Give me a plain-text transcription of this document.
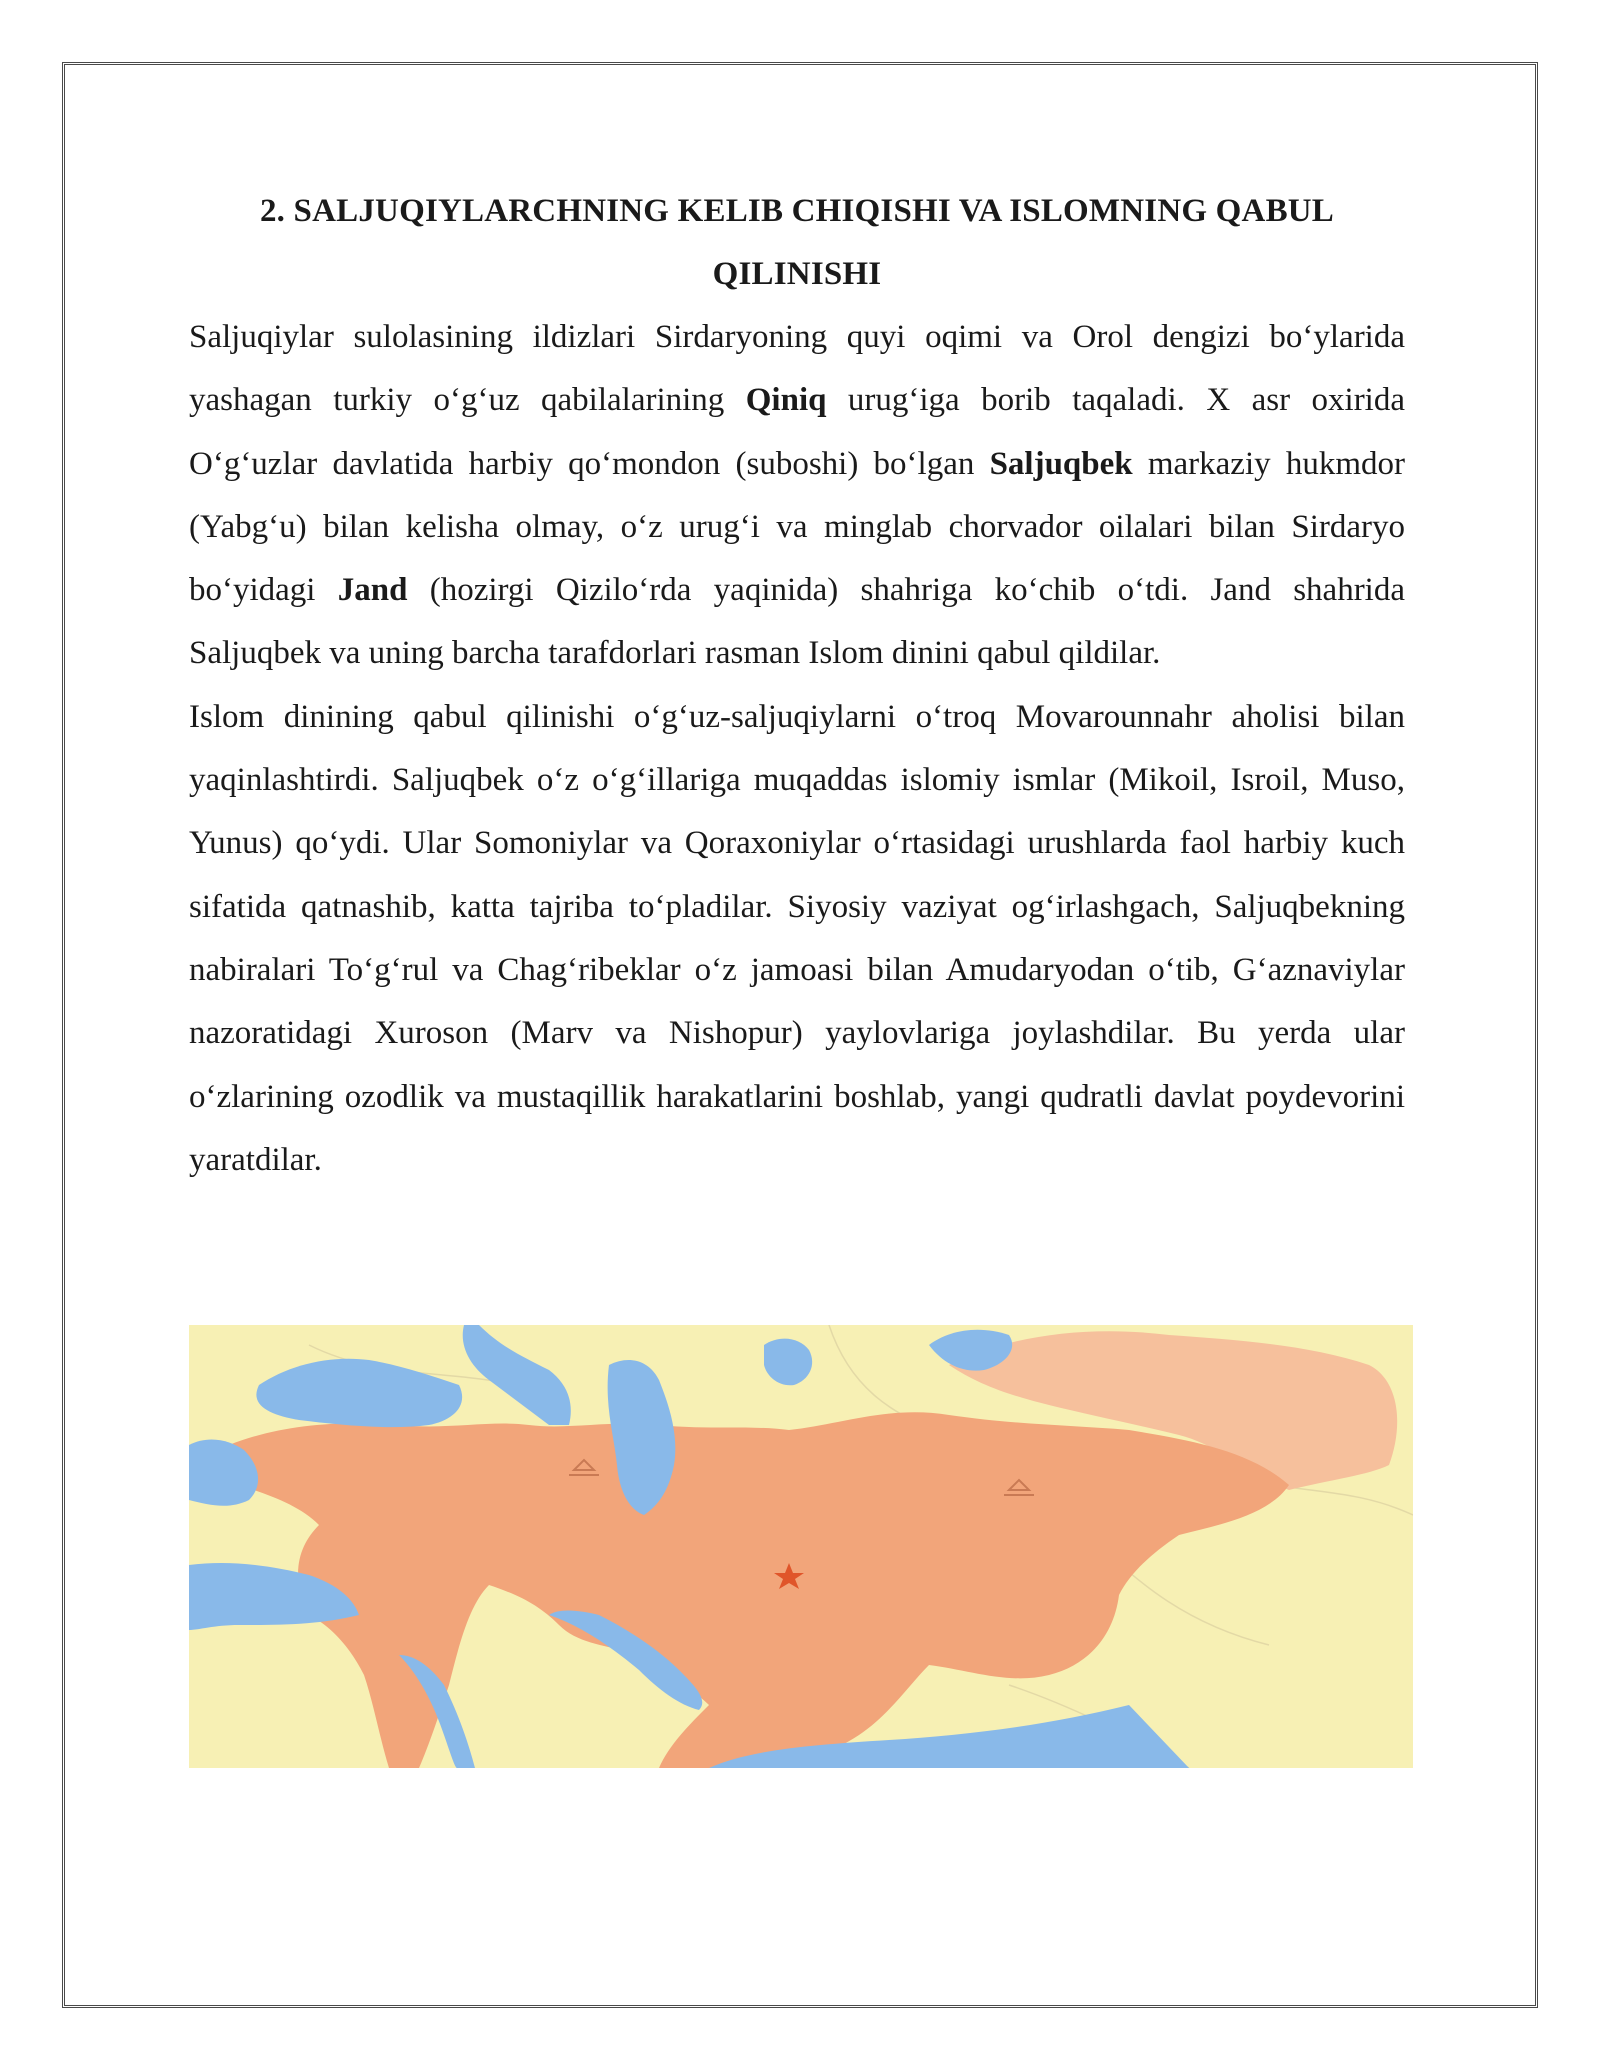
2. SALJUQIYLARCHNING KELIB CHIQISHI VA ISLOMNING QABUL QILINISHI

Saljuqiylar sulolasining ildizlari Sirdaryoning quyi oqimi va Orol dengizi bo‘ylarida yashagan turkiy o‘g‘uz qabilalarining Qiniq urug‘iga borib taqaladi. X asr oxirida O‘g‘uzlar davlatida harbiy qo‘mondon (suboshi) bo‘lgan Saljuqbek markaziy hukmdor (Yabg‘u) bilan kelisha olmay, o‘z urug‘i va minglab chorvador oilalari bilan Sirdaryo bo‘yidagi Jand (hozirgi Qizilo‘rda yaqinida) shahriga ko‘chib o‘tdi. Jand shahrida Saljuqbek va uning barcha tarafdorlari rasman Islom dinini qabul qildilar.

Islom dinining qabul qilinishi o‘g‘uz-saljuqiylarni o‘troq Movarounnahr aholisi bilan yaqinlashtirdi. Saljuqbek o‘z o‘g‘illariga muqaddas islomiy ismlar (Mikoil, Isroil, Muso, Yunus) qo‘ydi. Ular Somoniylar va Qoraxoniylar o‘rtasidagi urushlarda faol harbiy kuch sifatida qatnashib, katta tajriba to‘pladilar. Siyosiy vaziyat og‘irlashgach, Saljuqbekning nabiralari To‘g‘rul va Chag‘ribeklar o‘z jamoasi bilan Amudaryodan o‘tib, G‘aznaviylar nazoratidagi Xuroson (Marv va Nishopur) yaylovlariga joylashdilar. Bu yerda ular o‘zlarining ozodlik va mustaqillik harakatlarini boshlab, yangi qudratli davlat poydevorini yaratdilar.
